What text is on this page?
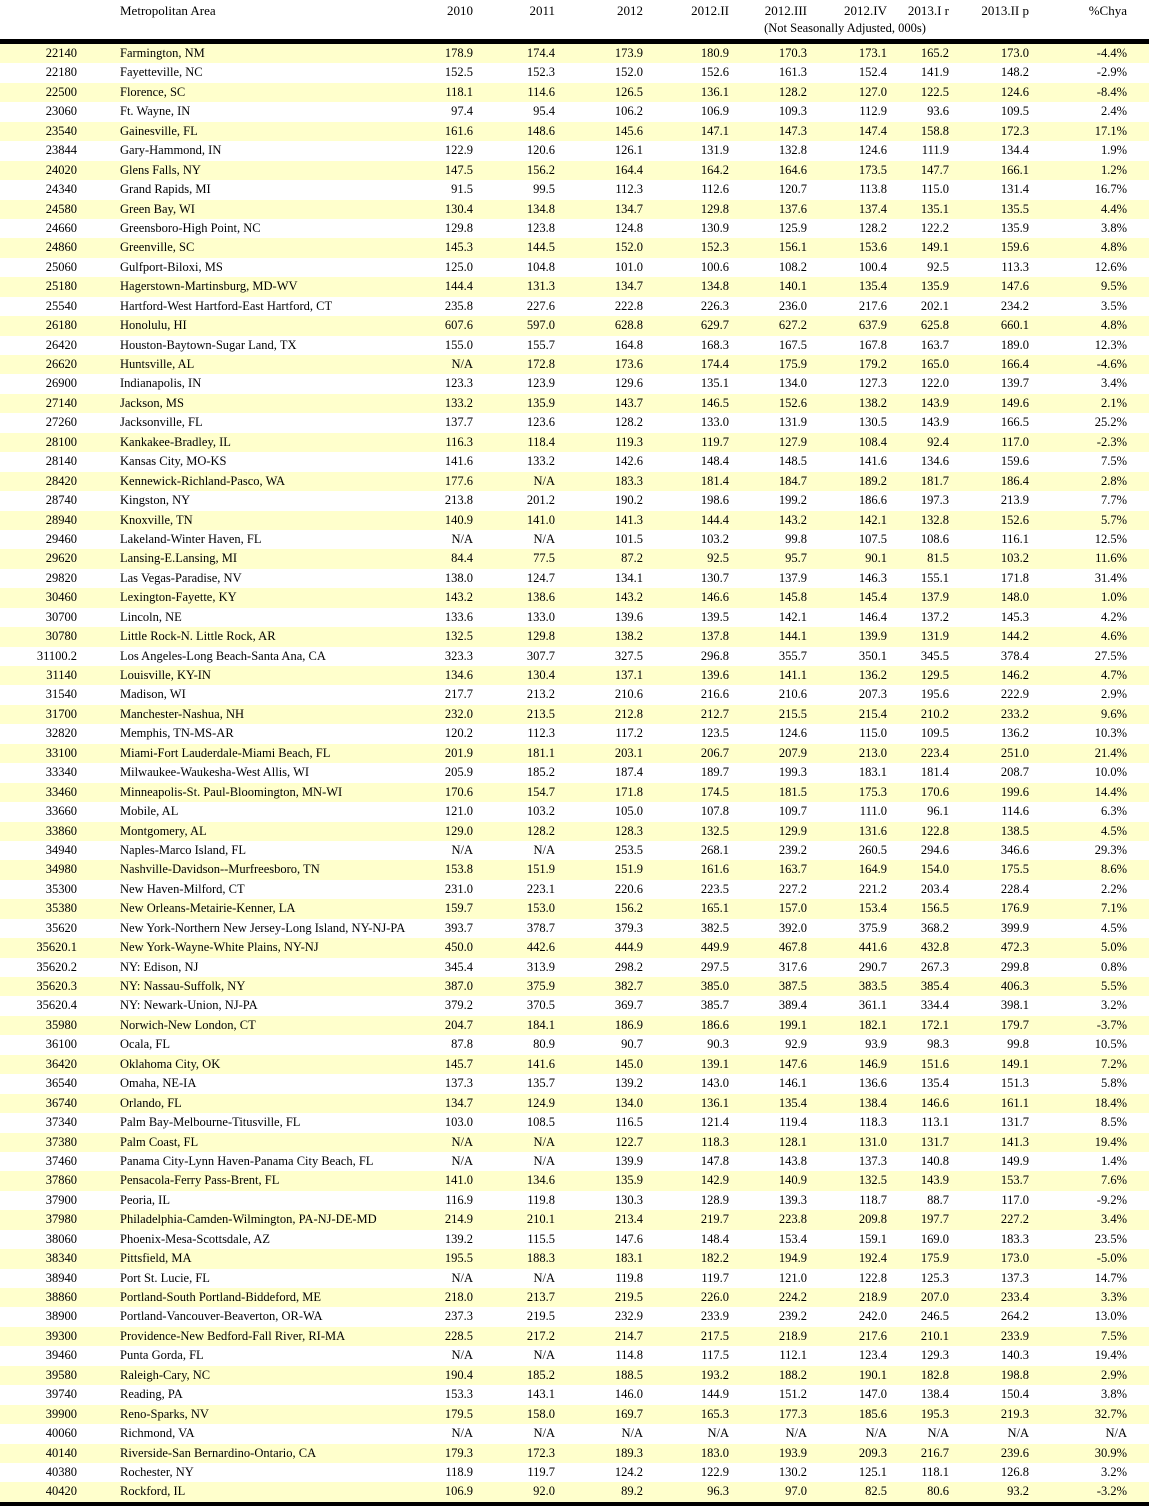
Metropolitan Area	2010	2011	2012	2012.II	2012.III	2012.IV	2013.I r	2013.II p	%Chya
(Not Seasonally Adjusted, 000s)
22140	Farmington, NM	178.9	174.4	173.9	180.9	170.3	173.1	165.2	173.0	-4.4%
22180	Fayetteville, NC	152.5	152.3	152.0	152.6	161.3	152.4	141.9	148.2	-2.9%
22500	Florence, SC	118.1	114.6	126.5	136.1	128.2	127.0	122.5	124.6	-8.4%
23060	Ft. Wayne, IN	97.4	95.4	106.2	106.9	109.3	112.9	93.6	109.5	2.4%
23540	Gainesville, FL	161.6	148.6	145.6	147.1	147.3	147.4	158.8	172.3	17.1%
23844	Gary-Hammond, IN	122.9	120.6	126.1	131.9	132.8	124.6	111.9	134.4	1.9%
24020	Glens Falls, NY	147.5	156.2	164.4	164.2	164.6	173.5	147.7	166.1	1.2%
24340	Grand Rapids, MI	91.5	99.5	112.3	112.6	120.7	113.8	115.0	131.4	16.7%
24580	Green Bay, WI	130.4	134.8	134.7	129.8	137.6	137.4	135.1	135.5	4.4%
24660	Greensboro-High Point, NC	129.8	123.8	124.8	130.9	125.9	128.2	122.2	135.9	3.8%
24860	Greenville, SC	145.3	144.5	152.0	152.3	156.1	153.6	149.1	159.6	4.8%
25060	Gulfport-Biloxi, MS	125.0	104.8	101.0	100.6	108.2	100.4	92.5	113.3	12.6%
25180	Hagerstown-Martinsburg, MD-WV	144.4	131.3	134.7	134.8	140.1	135.4	135.9	147.6	9.5%
25540	Hartford-West Hartford-East Hartford, CT	235.8	227.6	222.8	226.3	236.0	217.6	202.1	234.2	3.5%
26180	Honolulu, HI	607.6	597.0	628.8	629.7	627.2	637.9	625.8	660.1	4.8%
26420	Houston-Baytown-Sugar Land, TX	155.0	155.7	164.8	168.3	167.5	167.8	163.7	189.0	12.3%
26620	Huntsville, AL	N/A	172.8	173.6	174.4	175.9	179.2	165.0	166.4	-4.6%
26900	Indianapolis, IN	123.3	123.9	129.6	135.1	134.0	127.3	122.0	139.7	3.4%
27140	Jackson, MS	133.2	135.9	143.7	146.5	152.6	138.2	143.9	149.6	2.1%
27260	Jacksonville, FL	137.7	123.6	128.2	133.0	131.9	130.5	143.9	166.5	25.2%
28100	Kankakee-Bradley, IL	116.3	118.4	119.3	119.7	127.9	108.4	92.4	117.0	-2.3%
28140	Kansas City, MO-KS	141.6	133.2	142.6	148.4	148.5	141.6	134.6	159.6	7.5%
28420	Kennewick-Richland-Pasco, WA	177.6	N/A	183.3	181.4	184.7	189.2	181.7	186.4	2.8%
28740	Kingston, NY	213.8	201.2	190.2	198.6	199.2	186.6	197.3	213.9	7.7%
28940	Knoxville, TN	140.9	141.0	141.3	144.4	143.2	142.1	132.8	152.6	5.7%
29460	Lakeland-Winter Haven, FL	N/A	N/A	101.5	103.2	99.8	107.5	108.6	116.1	12.5%
29620	Lansing-E.Lansing, MI	84.4	77.5	87.2	92.5	95.7	90.1	81.5	103.2	11.6%
29820	Las Vegas-Paradise, NV	138.0	124.7	134.1	130.7	137.9	146.3	155.1	171.8	31.4%
30460	Lexington-Fayette, KY	143.2	138.6	143.2	146.6	145.8	145.4	137.9	148.0	1.0%
30700	Lincoln, NE	133.6	133.0	139.6	139.5	142.1	146.4	137.2	145.3	4.2%
30780	Little Rock-N. Little Rock, AR	132.5	129.8	138.2	137.8	144.1	139.9	131.9	144.2	4.6%
31100.2	Los Angeles-Long Beach-Santa Ana, CA	323.3	307.7	327.5	296.8	355.7	350.1	345.5	378.4	27.5%
31140	Louisville, KY-IN	134.6	130.4	137.1	139.6	141.1	136.2	129.5	146.2	4.7%
31540	Madison, WI	217.7	213.2	210.6	216.6	210.6	207.3	195.6	222.9	2.9%
31700	Manchester-Nashua, NH	232.0	213.5	212.8	212.7	215.5	215.4	210.2	233.2	9.6%
32820	Memphis, TN-MS-AR	120.2	112.3	117.2	123.5	124.6	115.0	109.5	136.2	10.3%
33100	Miami-Fort Lauderdale-Miami Beach, FL	201.9	181.1	203.1	206.7	207.9	213.0	223.4	251.0	21.4%
33340	Milwaukee-Waukesha-West Allis, WI	205.9	185.2	187.4	189.7	199.3	183.1	181.4	208.7	10.0%
33460	Minneapolis-St. Paul-Bloomington, MN-WI	170.6	154.7	171.8	174.5	181.5	175.3	170.6	199.6	14.4%
33660	Mobile, AL	121.0	103.2	105.0	107.8	109.7	111.0	96.1	114.6	6.3%
33860	Montgomery, AL	129.0	128.2	128.3	132.5	129.9	131.6	122.8	138.5	4.5%
34940	Naples-Marco Island, FL	N/A	N/A	253.5	268.1	239.2	260.5	294.6	346.6	29.3%
34980	Nashville-Davidson--Murfreesboro, TN	153.8	151.9	151.9	161.6	163.7	164.9	154.0	175.5	8.6%
35300	New Haven-Milford, CT	231.0	223.1	220.6	223.5	227.2	221.2	203.4	228.4	2.2%
35380	New Orleans-Metairie-Kenner, LA	159.7	153.0	156.2	165.1	157.0	153.4	156.5	176.9	7.1%
35620	New York-Northern New Jersey-Long Island, NY-NJ-PA	393.7	378.7	379.3	382.5	392.0	375.9	368.2	399.9	4.5%
35620.1	New York-Wayne-White Plains, NY-NJ	450.0	442.6	444.9	449.9	467.8	441.6	432.8	472.3	5.0%
35620.2	NY: Edison, NJ	345.4	313.9	298.2	297.5	317.6	290.7	267.3	299.8	0.8%
35620.3	NY: Nassau-Suffolk, NY	387.0	375.9	382.7	385.0	387.5	383.5	385.4	406.3	5.5%
35620.4	NY: Newark-Union, NJ-PA	379.2	370.5	369.7	385.7	389.4	361.1	334.4	398.1	3.2%
35980	Norwich-New London, CT	204.7	184.1	186.9	186.6	199.1	182.1	172.1	179.7	-3.7%
36100	Ocala, FL	87.8	80.9	90.7	90.3	92.9	93.9	98.3	99.8	10.5%
36420	Oklahoma City, OK	145.7	141.6	145.0	139.1	147.6	146.9	151.6	149.1	7.2%
36540	Omaha, NE-IA	137.3	135.7	139.2	143.0	146.1	136.6	135.4	151.3	5.8%
36740	Orlando, FL	134.7	124.9	134.0	136.1	135.4	138.4	146.6	161.1	18.4%
37340	Palm Bay-Melbourne-Titusville, FL	103.0	108.5	116.5	121.4	119.4	118.3	113.1	131.7	8.5%
37380	Palm Coast, FL	N/A	N/A	122.7	118.3	128.1	131.0	131.7	141.3	19.4%
37460	Panama City-Lynn Haven-Panama City Beach, FL	N/A	N/A	139.9	147.8	143.8	137.3	140.8	149.9	1.4%
37860	Pensacola-Ferry Pass-Brent, FL	141.0	134.6	135.9	142.9	140.9	132.5	143.9	153.7	7.6%
37900	Peoria, IL	116.9	119.8	130.3	128.9	139.3	118.7	88.7	117.0	-9.2%
37980	Philadelphia-Camden-Wilmington, PA-NJ-DE-MD	214.9	210.1	213.4	219.7	223.8	209.8	197.7	227.2	3.4%
38060	Phoenix-Mesa-Scottsdale, AZ	139.2	115.5	147.6	148.4	153.4	159.1	169.0	183.3	23.5%
38340	Pittsfield, MA	195.5	188.3	183.1	182.2	194.9	192.4	175.9	173.0	-5.0%
38940	Port St. Lucie, FL	N/A	N/A	119.8	119.7	121.0	122.8	125.3	137.3	14.7%
38860	Portland-South Portland-Biddeford, ME	218.0	213.7	219.5	226.0	224.2	218.9	207.0	233.4	3.3%
38900	Portland-Vancouver-Beaverton, OR-WA	237.3	219.5	232.9	233.9	239.2	242.0	246.5	264.2	13.0%
39300	Providence-New Bedford-Fall River, RI-MA	228.5	217.2	214.7	217.5	218.9	217.6	210.1	233.9	7.5%
39460	Punta Gorda, FL	N/A	N/A	114.8	117.5	112.1	123.4	129.3	140.3	19.4%
39580	Raleigh-Cary, NC	190.4	185.2	188.5	193.2	188.2	190.1	182.8	198.8	2.9%
39740	Reading, PA	153.3	143.1	146.0	144.9	151.2	147.0	138.4	150.4	3.8%
39900	Reno-Sparks, NV	179.5	158.0	169.7	165.3	177.3	185.6	195.3	219.3	32.7%
40060	Richmond, VA	N/A	N/A	N/A	N/A	N/A	N/A	N/A	N/A	N/A
40140	Riverside-San Bernardino-Ontario, CA	179.3	172.3	189.3	183.0	193.9	209.3	216.7	239.6	30.9%
40380	Rochester, NY	118.9	119.7	124.2	122.9	130.2	125.1	118.1	126.8	3.2%
40420	Rockford, IL	106.9	92.0	89.2	96.3	97.0	82.5	80.6	93.2	-3.2%
